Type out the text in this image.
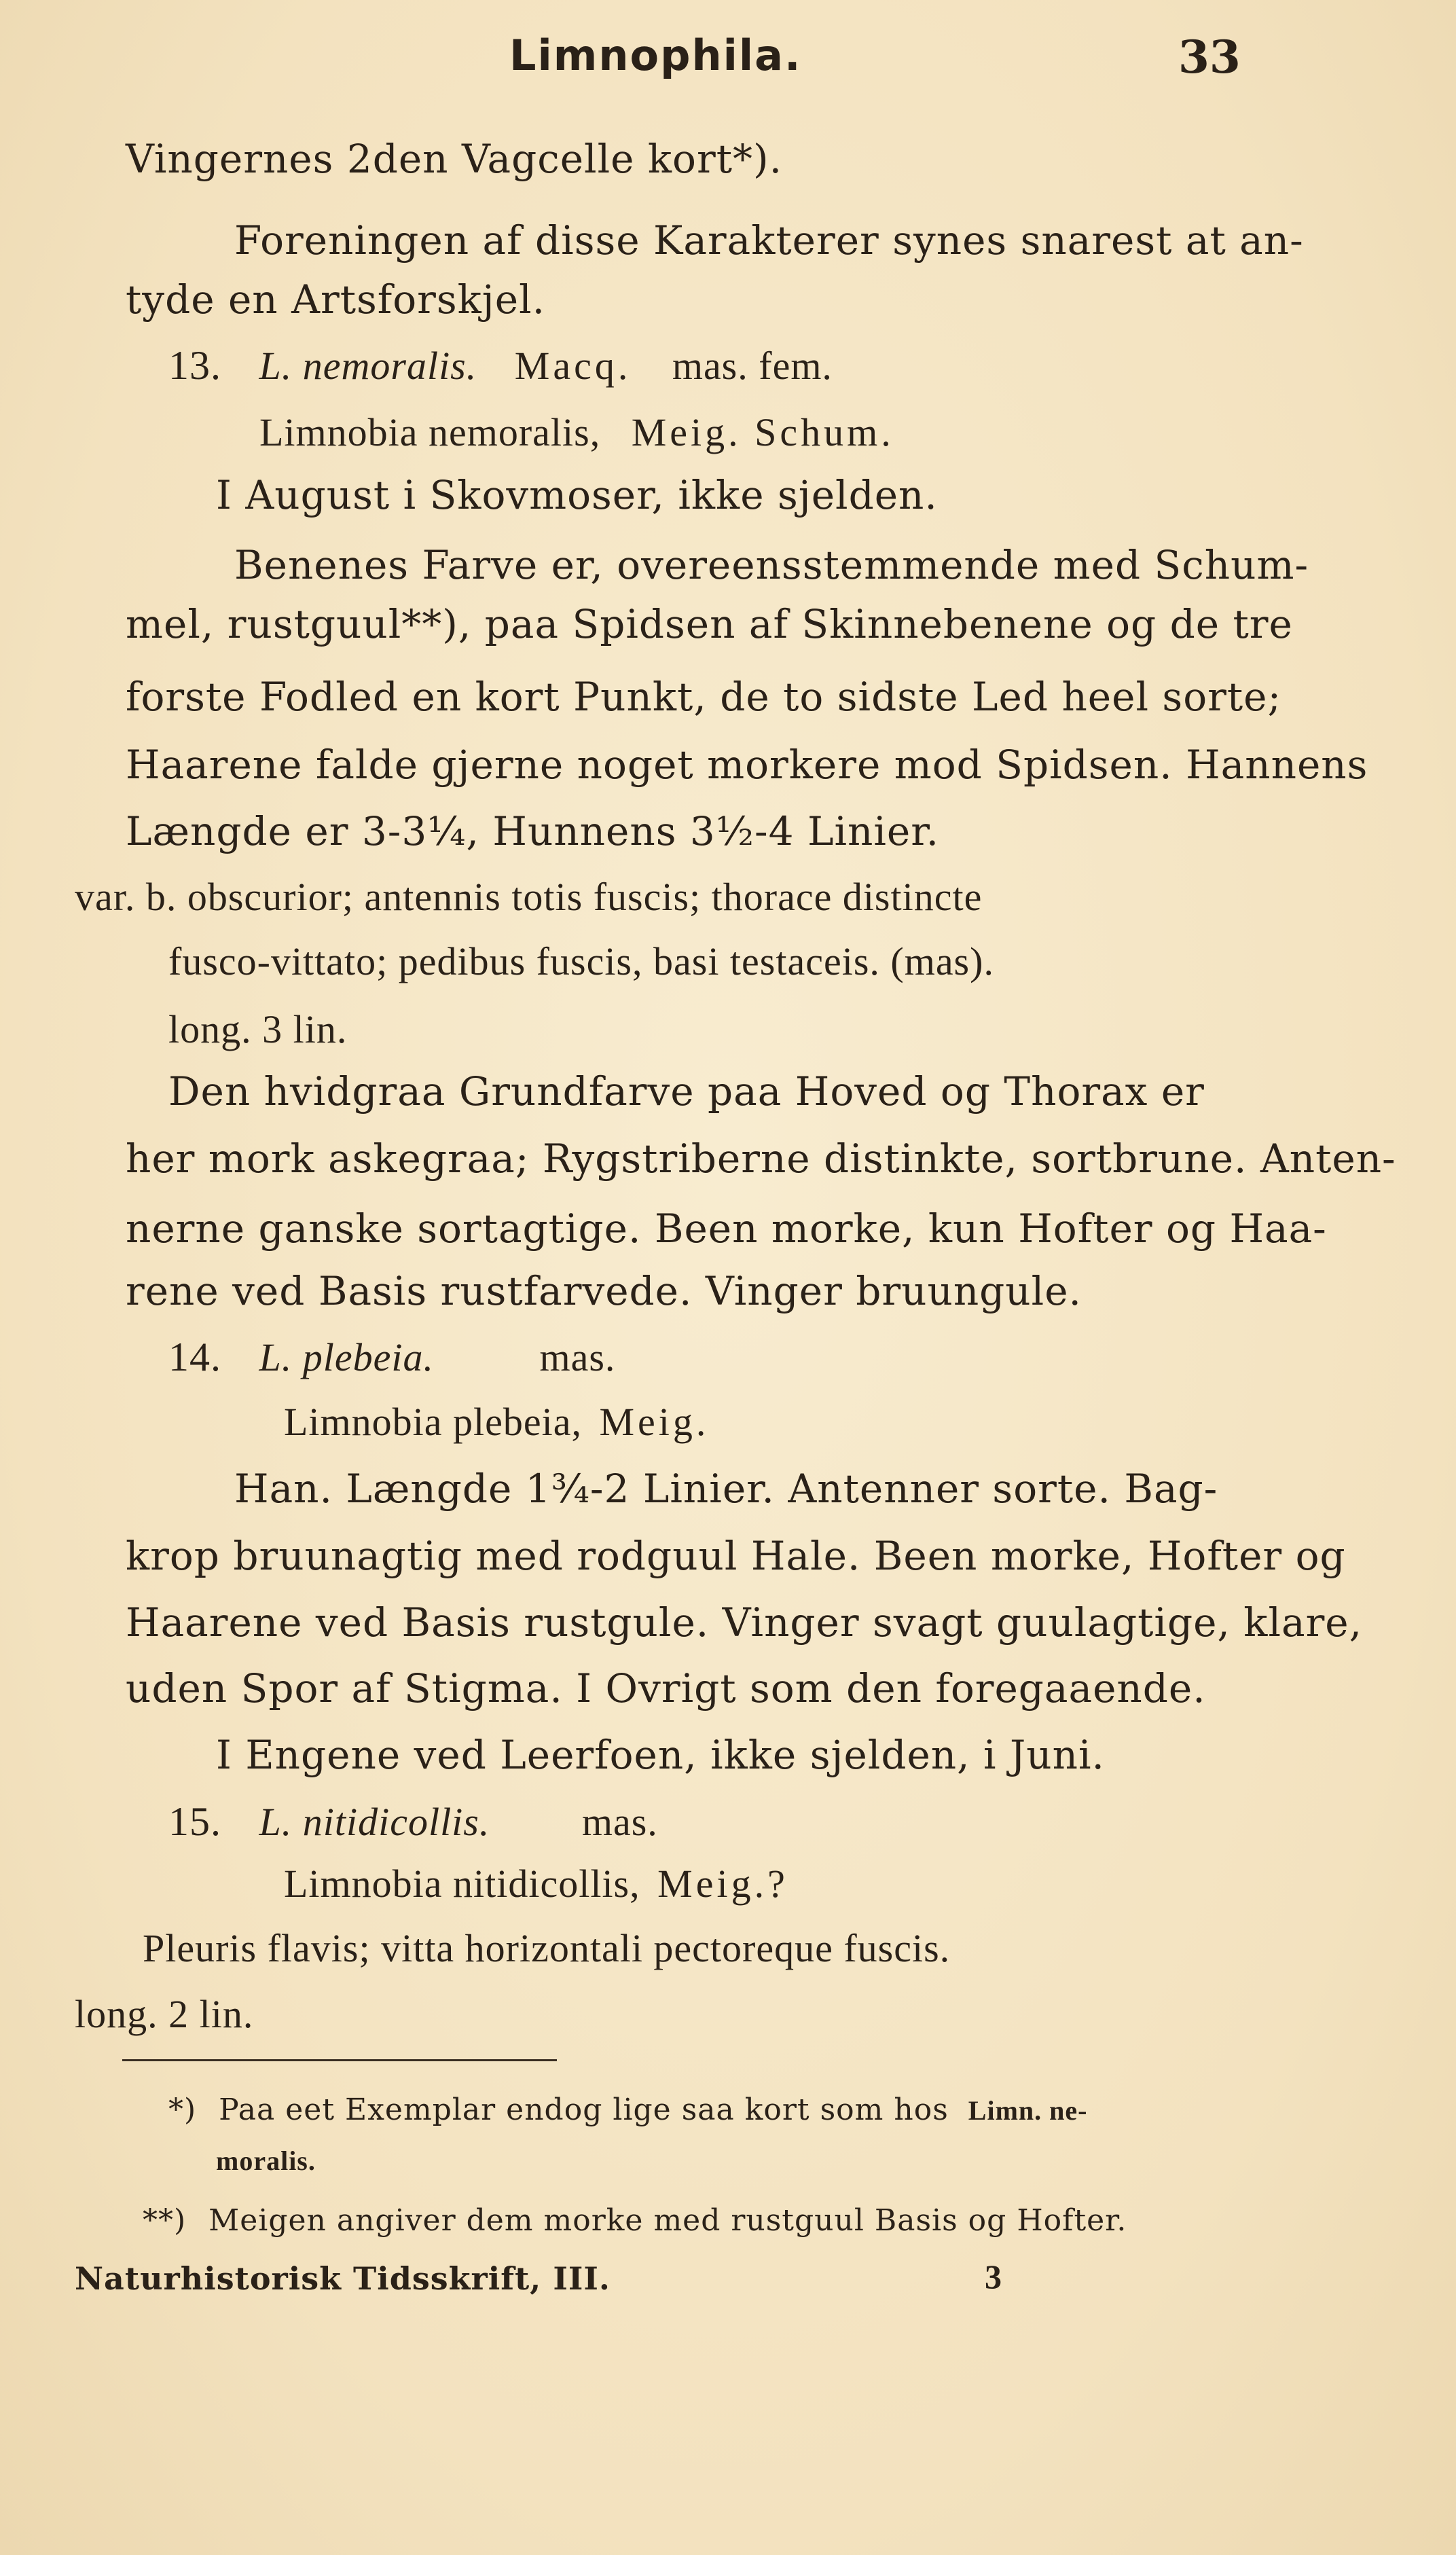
Limnophila.	33
Vingernes 2den Vagcelle kort*).
Foreningen af disse Karakterer synes snarest at an-
tyde en Artsforskjel.
13. L. nemoralis. Macq. mas. fem.
Limnobia nemoralis, Meig. Schum.
I August i Skovmoser, ikke sjelden.
Benenes Farve er, overeensstemmende med Schum-
mel, rustguul**), paa Spidsen af Skinnebenene og de tre
forste Fodled en kort Punkt, de to sidste Led heel sorte;
Haarene falde gjerne noget morkere mod Spidsen. Hannens
Længde er 3-3¼, Hunnens 3½-4 Linier.
var. b. obscurior; antennis totis fuscis; thorace distincte
fusco-vittato; pedibus fuscis, basi testaceis. (mas).
long. 3 lin.
Den hvidgraa Grundfarve paa Hoved og Thorax er
her mork askegraa; Rygstriberne distinkte, sortbrune. Anten-
nerne ganske sortagtige. Been morke, kun Hofter og Haa-
rene ved Basis rustfarvede. Vinger bruungule.
14. L. plebeia.	mas.
Limnobia plebeia, Meig.
Han. Længde 1¾-2 Linier. Antenner sorte. Bag-
krop bruunagtig med rodguul Hale. Been morke, Hofter og
Haarene ved Basis rustgule. Vinger svagt guulagtige, klare,
uden Spor af Stigma. I Ovrigt som den foregaaende.
I Engene ved Leerfoen, ikke sjelden, i Juni.
15. L. nitidicollis. mas.
Limnobia nitidicollis, Meig.?
Pleuris flavis; vitta horizontali pectoreque fuscis.
long. 2 lin.
*) Paa eet Exemplar endog lige saa kort som hos Limn. ne-
moralis.
**) Meigen angiver dem morke med rustguul Basis og Hofter.
Naturhistorisk Tidsskrift, III.	3
